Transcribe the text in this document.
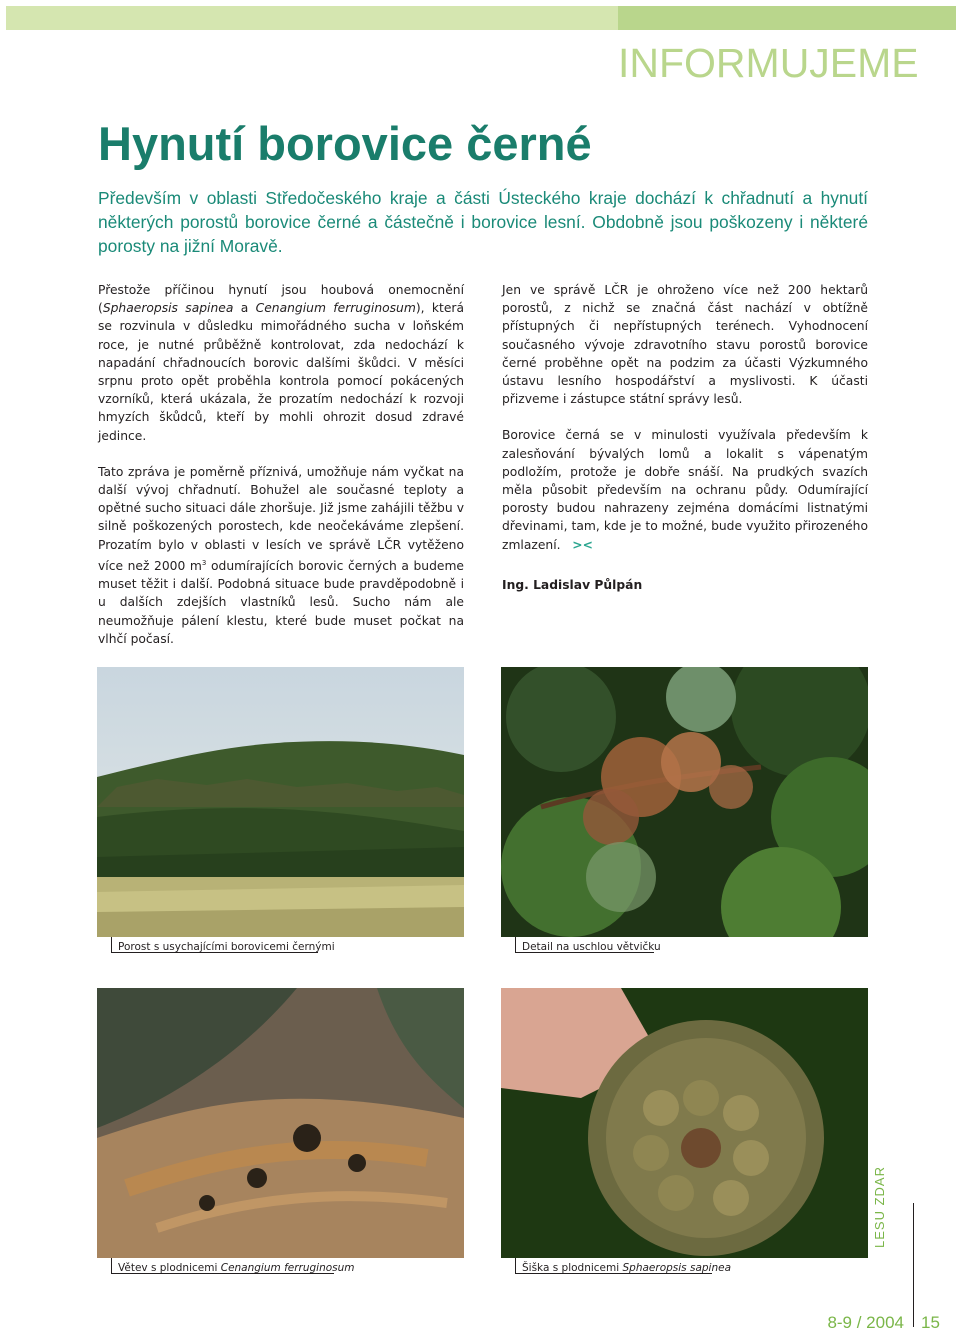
INFORMUJEME
Hynutí borovice černé

Především v oblasti Středočeského kraje a části Ústeckého kraje dochází k chřadnutí a hynutí některých porostů borovice černé a částečně i borovice lesní. Obdobně jsou poškozeny i některé porosty na jižní Moravě.

Přestože příčinou hynutí jsou houbová onemocnění (Sphaeropsis sapinea a Cenangium ferruginosum), která se rozvinula v důsledku mimořádného sucha v loňském roce, je nutné průběžně kontrolovat, zda nedochází k napadání chřadnoucích borovic dalšími škůdci. V měsíci srpnu proto opět proběhla kontrola pomocí pokácených vzorníků, která ukázala, že prozatím nedochází k rozvoji hmyzích škůdců, kteří by mohli ohrozit dosud zdravé jedince.

Tato zpráva je poměrně příznivá, umožňuje nám vyčkat na další vývoj chřadnutí. Bohužel ale současné teploty a opětné sucho situaci dále zhoršuje. Již jsme zahájili těžbu v silně poškozených porostech, kde neočekáváme zlepšení. Prozatím bylo v oblasti v lesích ve správě LČR vytěženo více než 2000 $m^3$ odumírajících borovic černých a budeme muset těžit i další. Podobná situace bude pravděpodobně i u dalších zdejších vlastníků lesů. Sucho nám ale neumožňuje pálení klestu, které bude muset počkat na vlhčí počasí.

Jen ve správě LČR je ohroženo více než 200 hektarů porostů, z nichž se značná část nachází v obtížně přístupných či nepřístupných terénech. Vyhodnocení současného vývoje zdravotního stavu porostů borovice černé proběhne opět na podzim za účasti Výzkumného ústavu lesního hospodářství a myslivosti. K účasti přizveme i zástupce státní správy lesů.

Borovice černá se v minulosti využívala především k zalesňování bývalých lomů a lokalit s vápenatým podložím, protože je dobře snáší. Na prudkých svazích měla působit především na ochranu půdy. Odumírající porosty budou nahrazeny zejména domácími listnatými dřevinami, tam, kde je to možné, bude využito přirozeného zmlazení. ><

Ing. Ladislav Půlpán

Porost s usychajícími borovicemi černými	Detail na uschlou větvičku
Větev s plodnicemi Cenangium ferruginosum	Šiška s plodnicemi Sphaeropsis sapinea
LESU ZDAR
8-9 / 2004 15
